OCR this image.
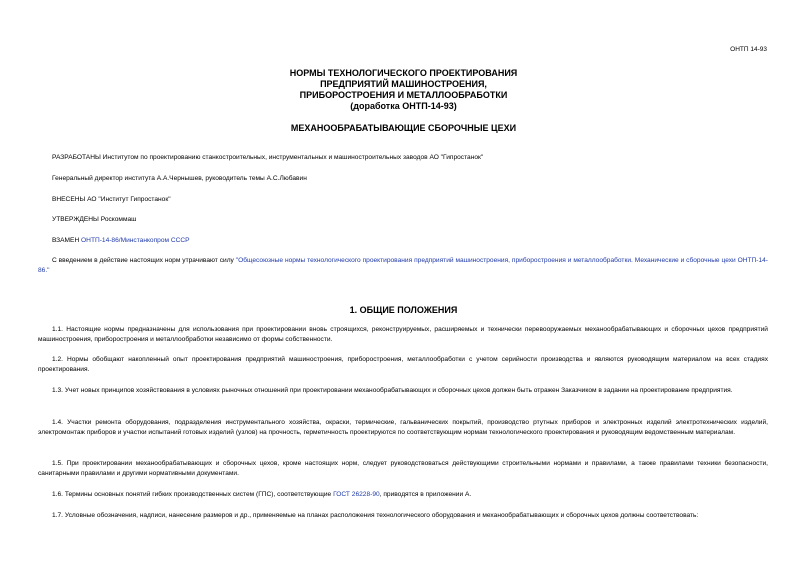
ОНТП 14-93
НОРМЫ ТЕХНОЛОГИЧЕСКОГО ПРОЕКТИРОВАНИЯ
ПРЕДПРИЯТИЙ МАШИНОСТРОЕНИЯ,
ПРИБОРОСТРОЕНИЯ И МЕТАЛЛООБРАБОТКИ
(доработка ОНТП-14-93)
МЕХАНООБРАБАТЫВАЮЩИЕ СБОРОЧНЫЕ ЦЕХИ
РАЗРАБОТАНЫ Институтом по проектированию станкостроительных, инструментальных и машиностроительных заводов АО "Гипростанок"
Генеральный директор института А.А.Чернышев, руководитель темы А.С.Любавин
ВНЕСЕНЫ АО "Институт Гипростанок"
УТВЕРЖДЕНЫ Роскоммаш
ВЗАМЕН ОНТП-14-86/Минстанкопром СССР
С введением в действие настоящих норм утрачивают силу "Общесоюзные нормы технологического проектирования предприятий машиностроения, приборостроения и металлообработки. Механические и сборочные цехи ОНТП-14-86."
1. ОБЩИЕ ПОЛОЖЕНИЯ
1.1. Настоящие нормы предназначены для использования при проектировании вновь строящихся, реконструируемых, расширяемых и технически перевооружаемых механообрабатывающих и сборочных цехов предприятий машиностроения, приборостроения и металлообработки независимо от формы собственности.
1.2. Нормы обобщают накопленный опыт проектирования предприятий машиностроения, приборостроения, металлообработки с учетом серийности производства и являются руководящим материалом на всех стадиях проектирования.
1.3. Учет новых принципов хозяйствования в условиях рыночных отношений при проектировании механообрабатывающих и сборочных цехов должен быть отражен Заказчиком в задании на проектирование предприятия.
1.4. Участки ремонта оборудования, подразделения инструментального хозяйства, окраски, термические, гальванических покрытий, производство ртутных приборов и электронных изделий электротехнических изделий, электромонтаж приборов и участки испытаний готовых изделий (узлов) на прочность, герметичность проектируются по соответствующим нормам технологического проектирования и руководящим ведомственным материалам.
1.5. При проектировании механообрабатывающих и сборочных цехов, кроме настоящих норм, следует руководствоваться действующими строительными нормами и правилами, а также правилами техники безопасности, санитарными правилами и другими нормативными документами.
1.6. Термины основных понятий гибких производственных систем (ГПС), соответствующие ГОСТ 26228-90, приводятся в приложении А.
1.7. Условные обозначения, надписи, нанесение размеров и др., применяемые на планах расположения технологического оборудования и механообрабатывающих и сборочных цехов должны соответствовать:
